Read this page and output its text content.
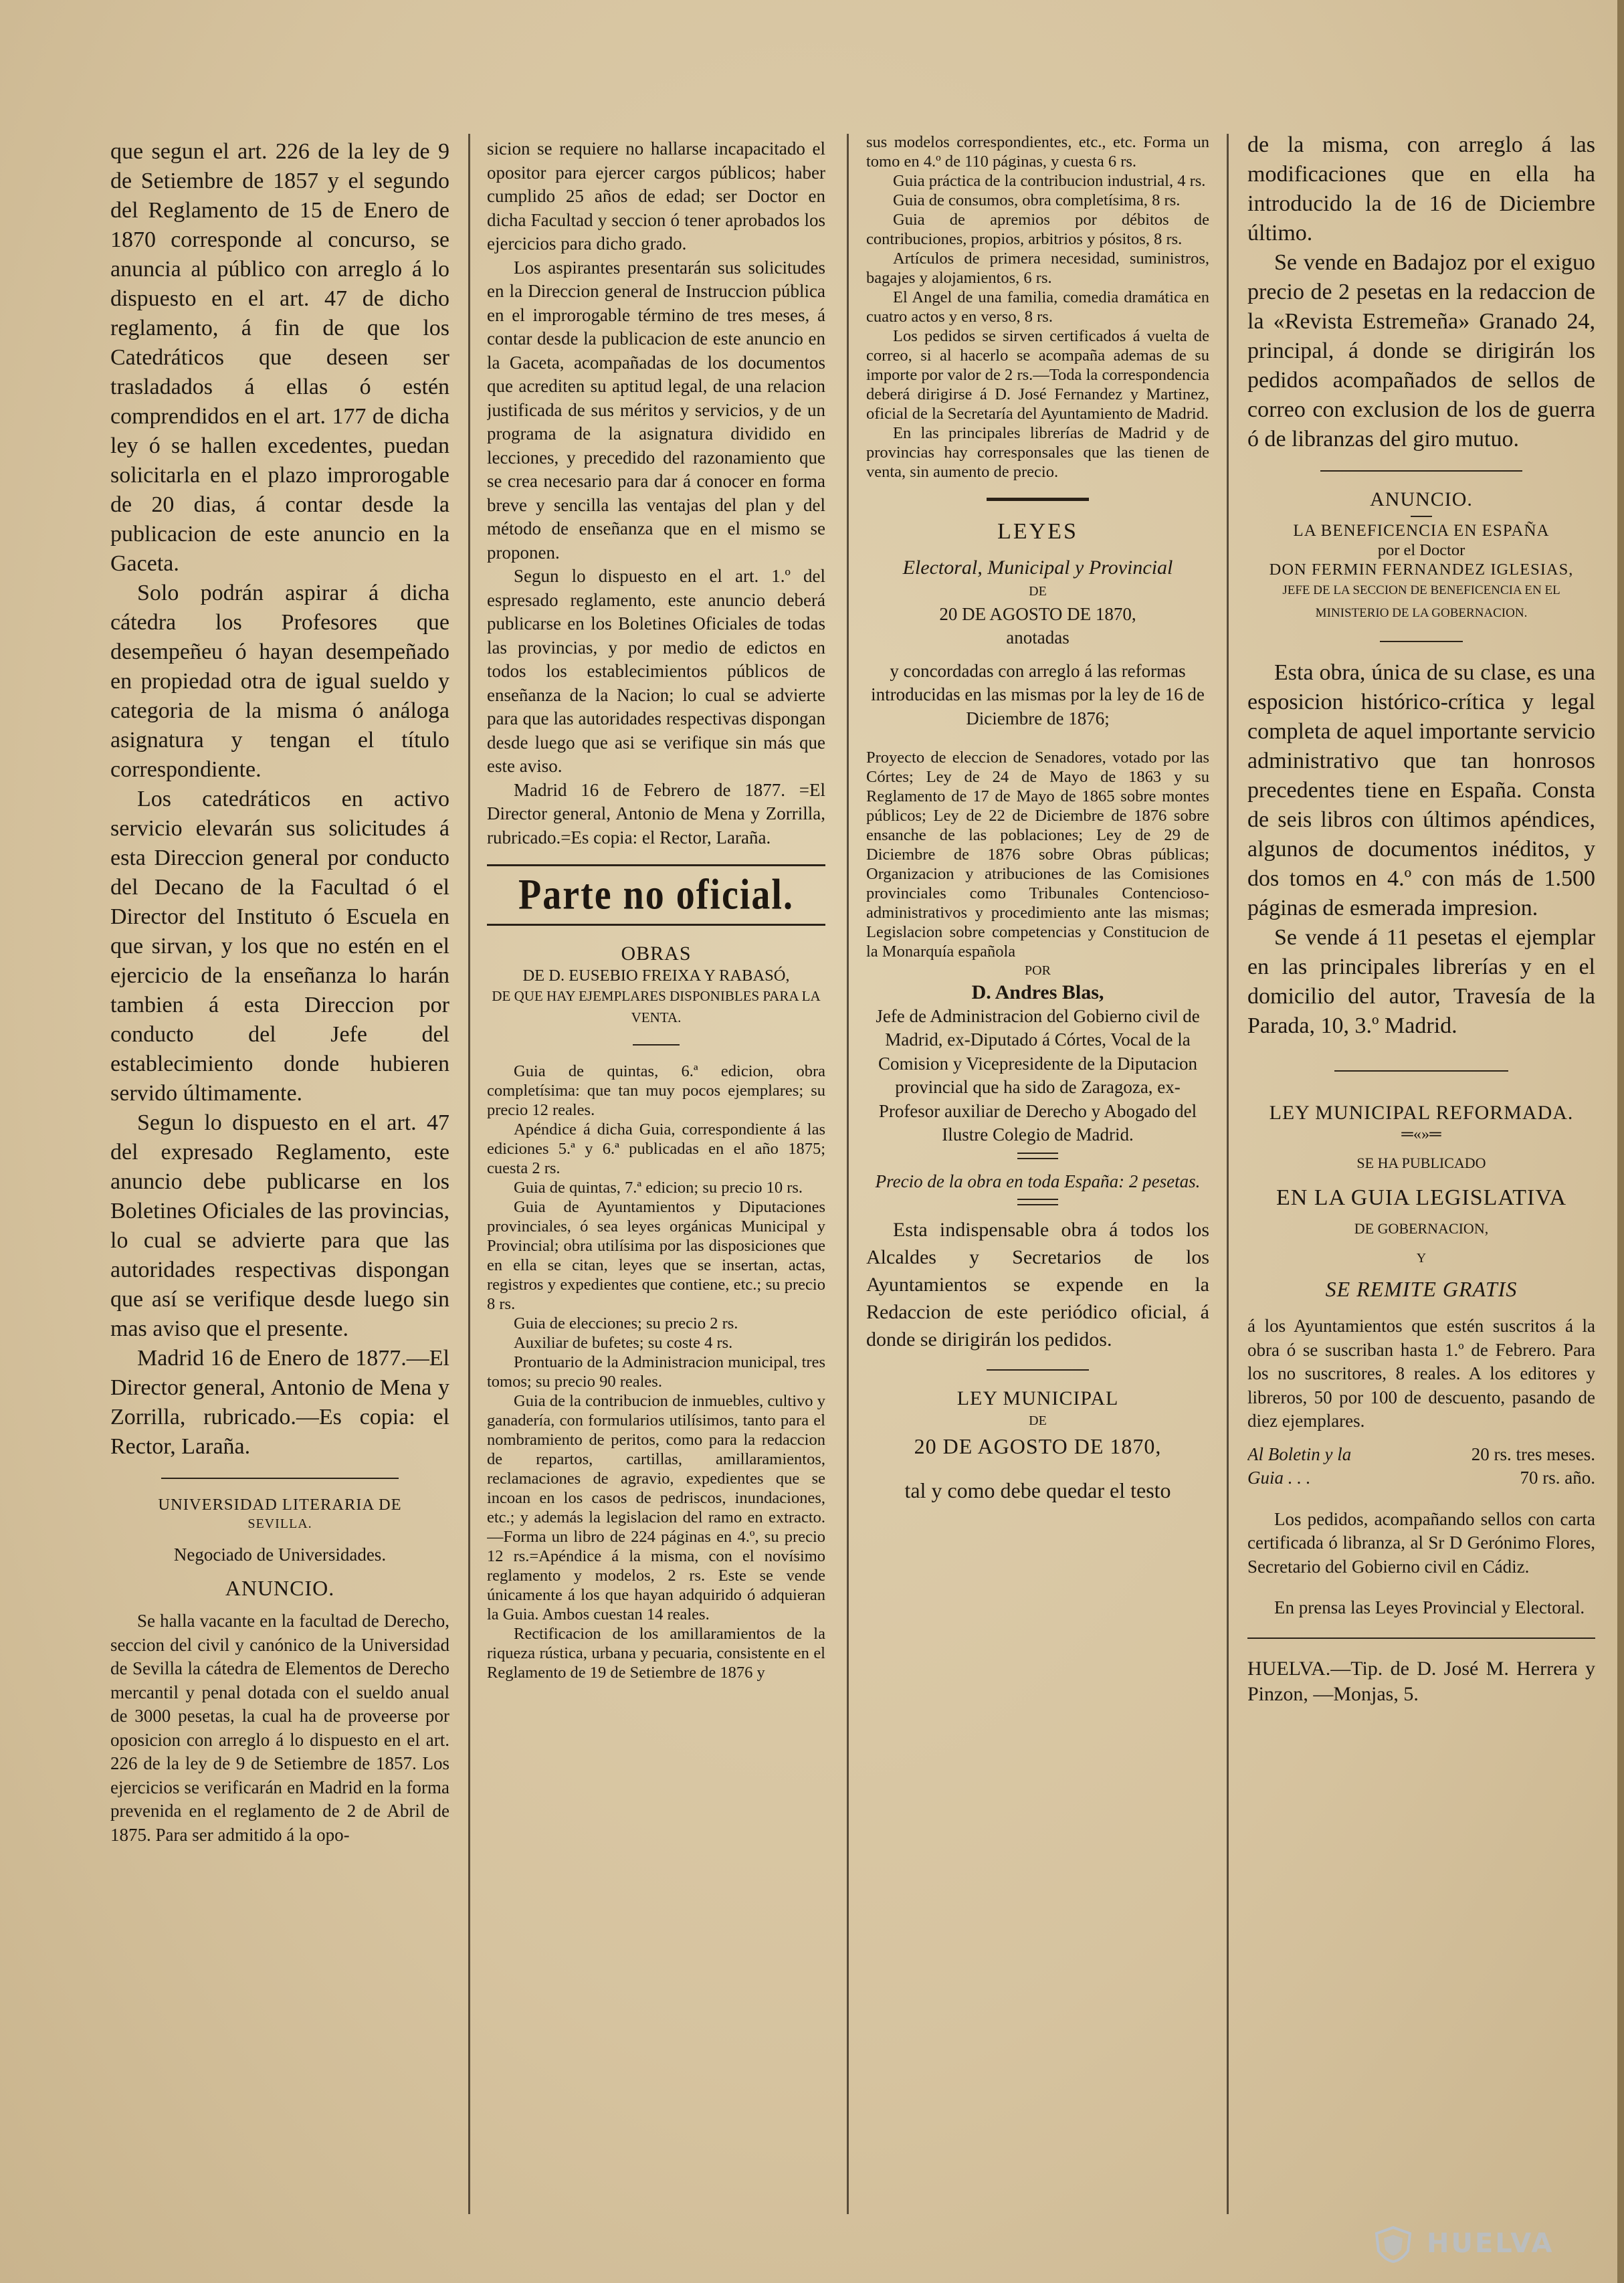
que segun el art. 226 de la ley de 9 de Setiembre de 1857 y el segundo del Reglamento de 15 de Enero de 1870 corresponde al concurso, se anuncia al público con arreglo á lo dispuesto en el art. 47 de dicho reglamento, á fin de que los Catedráticos que deseen ser trasladados á ellas ó estén comprendidos en el art. 177 de dicha ley ó se hallen excedentes, puedan solicitarla en el plazo improrogable de 20 dias, á contar desde la publicacion de este anuncio en la Gaceta.

Solo podrán aspirar á dicha cátedra los Profesores que desempeñeu ó hayan desempeñado en propiedad otra de igual sueldo y categoria de la misma ó análoga asignatura y tengan el título correspondiente.

Los catedráticos en activo servicio elevarán sus solicitudes á esta Direccion general por conducto del Decano de la Facultad ó el Director del Instituto ó Escuela en que sirvan, y los que no estén en el ejercicio de la enseñanza lo harán tambien á esta Direccion por conducto del Jefe del establecimiento donde hubieren servido últimamente.

Segun lo dispuesto en el art. 47 del expresado Reglamento, este anuncio debe publicarse en los Boletines Oficiales de las provincias, lo cual se advierte para que las autoridades respectivas dispongan que así se verifique desde luego sin mas aviso que el presente.

Madrid 16 de Enero de 1877.—El Director general, Antonio de Mena y Zorrilla, rubricado.—Es copia: el Rector, Laraña.

UNIVERSIDAD LITERARIA DE

SEVILLA.

Negociado de Universidades.

ANUNCIO.

Se halla vacante en la facultad de Derecho, seccion del civil y canónico de la Universidad de Sevilla la cátedra de Elementos de Derecho mercantil y penal dotada con el sueldo anual de 3000 pesetas, la cual ha de proveerse por oposicion con arreglo á lo dispuesto en el art. 226 de la ley de 9 de Setiembre de 1857. Los ejercicios se verificarán en Madrid en la forma prevenida en el reglamento de 2 de Abril de 1875. Para ser admitido á la opo-

sicion se requiere no hallarse incapacitado el opositor para ejercer cargos públicos; haber cumplido 25 años de edad; ser Doctor en dicha Facultad y seccion ó tener aprobados los ejercicios para dicho grado.

Los aspirantes presentarán sus solicitudes en la Direccion general de Instruccion pública en el improrogable término de tres meses, á contar desde la publicacion de este anuncio en la Gaceta, acompañadas de los documentos que acrediten su aptitud legal, de una relacion justificada de sus méritos y servicios, y de un programa de la asignatura dividido en lecciones, y precedido del razonamiento que se crea necesario para dar á conocer en forma breve y sencilla las ventajas del plan y del método de enseñanza que en el mismo se proponen.

Segun lo dispuesto en el art. 1.º del espresado reglamento, este anuncio deberá publicarse en los Boletines Oficiales de todas las provincias, y por medio de edictos en todos los establecimientos públicos de enseñanza de la Nacion; lo cual se advierte para que las autoridades respectivas dispongan desde luego que asi se verifique sin más que este aviso.

Madrid 16 de Febrero de 1877. =El Director general, Antonio de Mena y Zorrilla, rubricado.=Es copia: el Rector, Laraña.

Parte no oficial.

OBRAS

DE D. EUSEBIO FREIXA Y RABASÓ,

DE QUE HAY EJEMPLARES DISPONIBLES PARA LA VENTA.

Guia de quintas, 6.ª edicion, obra completísima: que tan muy pocos ejemplares; su precio 12 reales.

Apéndice á dicha Guia, correspondiente á las ediciones 5.ª y 6.ª publicadas en el año 1875; cuesta 2 rs.

Guia de quintas, 7.ª edicion; su precio 10 rs.

Guia de Ayuntamientos y Diputaciones provinciales, ó sea leyes orgánicas Municipal y Provincial; obra utilísima por las disposiciones que en ella se citan, leyes que se insertan, actas, registros y expedientes que contiene, etc.; su precio 8 rs.

Guia de elecciones; su precio 2 rs.

Auxiliar de bufetes; su coste 4 rs.

Prontuario de la Administracion municipal, tres tomos; su precio 90 reales.

Guia de la contribucion de inmuebles, cultivo y ganadería, con formularios utilísimos, tanto para el nombramiento de peritos, como para la redaccion de repartos, cartillas, amillaramientos, reclamaciones de agravio, expedientes que se incoan en los casos de pedriscos, inundaciones, etc.; y además la legislacion del ramo en extracto.—Forma un libro de 224 páginas en 4.º, su precio 12 rs.=Apéndice á la misma, con el novísimo reglamento y modelos, 2 rs. Este se vende únicamente á los que hayan adquirido ó adquieran la Guia. Ambos cuestan 14 reales.

Rectificacion de los amillaramientos de la riqueza rústica, urbana y pecuaria, consistente en el Reglamento de 19 de Setiembre de 1876 y

sus modelos correspondientes, etc., etc. Forma un tomo en 4.º de 110 páginas, y cuesta 6 rs.

Guia práctica de la contribucion industrial, 4 rs.

Guia de consumos, obra completísima, 8 rs.

Guia de apremios por débitos de contribuciones, propios, arbitrios y pósitos, 8 rs.

Artículos de primera necesidad, suministros, bagajes y alojamientos, 6 rs.

El Angel de una familia, comedia dramática en cuatro actos y en verso, 8 rs.

Los pedidos se sirven certificados á vuelta de correo, si al hacerlo se acompaña ademas de su importe por valor de 2 rs.—Toda la correspondencia deberá dirigirse á D. José Fernandez y Martinez, oficial de la Secretaría del Ayuntamiento de Madrid.

En las principales librerías de Madrid y de provincias hay corresponsales que las tienen de venta, sin aumento de precio.

LEYES

Electoral, Municipal y Provincial

DE

20 DE AGOSTO DE 1870,

anotadas

y concordadas con arreglo á las reformas introducidas en las mismas por la ley de 16 de Diciembre de 1876;

Proyecto de eleccion de Senadores, votado por las Córtes; Ley de 24 de Mayo de 1863 y su Reglamento de 17 de Mayo de 1865 sobre montes públicos; Ley de 22 de Diciembre de 1876 sobre ensanche de las poblaciones; Ley de 29 de Diciembre de 1876 sobre Obras públicas; Organizacion y atribuciones de las Comisiones provinciales como Tribunales Contencioso-administrativos y procedimiento ante las mismas; Legislacion sobre competencias y Constitucion de la Monarquía española

POR

D. Andres Blas,

Jefe de Administracion del Gobierno civil de Madrid, ex-Diputado á Córtes, Vocal de la Comision y Vicepresidente de la Diputacion provincial que ha sido de Zaragoza, ex-Profesor auxiliar de Derecho y Abogado del Ilustre Colegio de Madrid.

Precio de la obra en toda España: 2 pesetas.

Esta indispensable obra á todos los Alcaldes y Secretarios de los Ayuntamientos se expende en la Redaccion de este periódico oficial, á donde se dirigirán los pedidos.

LEY MUNICIPAL

DE

20 DE AGOSTO DE 1870,

tal y como debe quedar el testo

de la misma, con arreglo á las modificaciones que en ella ha introducido la de 16 de Diciembre último.

Se vende en Badajoz por el exiguo precio de 2 pesetas en la redaccion de la «Revista Estremeña» Granado 24, principal, á donde se dirigirán los pedidos acompañados de sellos de correo con exclusion de los de guerra ó de libranzas del giro mutuo.

ANUNCIO.

LA BENEFICENCIA EN ESPAÑA

por el Doctor

DON FERMIN FERNANDEZ IGLESIAS,

JEFE DE LA SECCION DE BENEFICENCIA EN EL MINISTERIO DE LA GOBERNACION.

Esta obra, única de su clase, es una esposicion histórico-crítica y legal completa de aquel importante servicio administrativo que tan honrosos precedentes tiene en España. Consta de seis libros con últimos apéndices, algunos de documentos inéditos, y dos tomos en 4.º con más de 1.500 páginas de esmerada impresion.

Se vende á 11 pesetas el ejemplar en las principales librerías y en el domicilio del autor, Travesía de la Parada, 10, 3.º Madrid.

LEY MUNICIPAL REFORMADA.

═«»═

SE HA PUBLICADO

EN LA GUIA LEGISLATIVA

DE GOBERNACION,

Y

SE REMITE GRATIS

á los Ayuntamientos que estén suscritos á la obra ó se suscriban hasta 1.º de Febrero. Para los no suscritores, 8 reales. A los editores y libreros, 50 por 100 de descuento, pasando de diez ejemplares.

Al Boletin y la	20 rs. tres meses.
Guia . . .	70 rs. año.

Los pedidos, acompañando sellos con carta certificada ó libranza, al Sr D Gerónimo Flores, Secretario del Gobierno civil en Cádiz.

En prensa las Leyes Provincial y Electoral.

HUELVA.—Tip. de D. José M. Herrera y Pinzon, —Monjas, 5.

HUELVA
